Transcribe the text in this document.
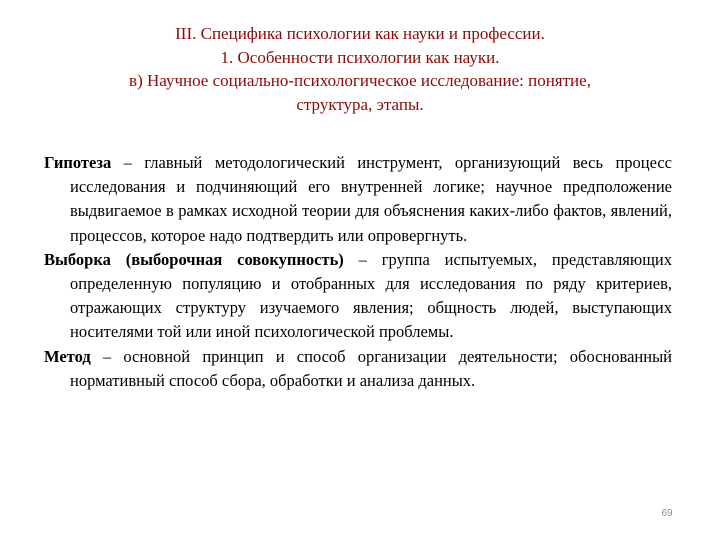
III. Специфика психологии как науки и профессии.
1. Особенности психологии как науки.
в) Научное социально-психологическое исследование: понятие,
структура, этапы.

Гипотеза – главный методологический инструмент, организующий весь процесс исследования и подчиняющий его внутренней логике; научное предположение выдвигаемое в рамках исходной теории для объяснения каких-либо фактов, явлений, процессов, которое надо подтвердить или опровергнуть.

Выборка (выборочная совокупность) – группа испытуемых, представляющих определенную популяцию и отобранных для исследования по ряду критериев, отражающих структуру изучаемого явления; общность людей, выступающих носителями той или иной психологической проблемы.

Метод – основной принцип и способ организации деятельности; обоснованный нормативный способ сбора, обработки и анализа данных.

69
